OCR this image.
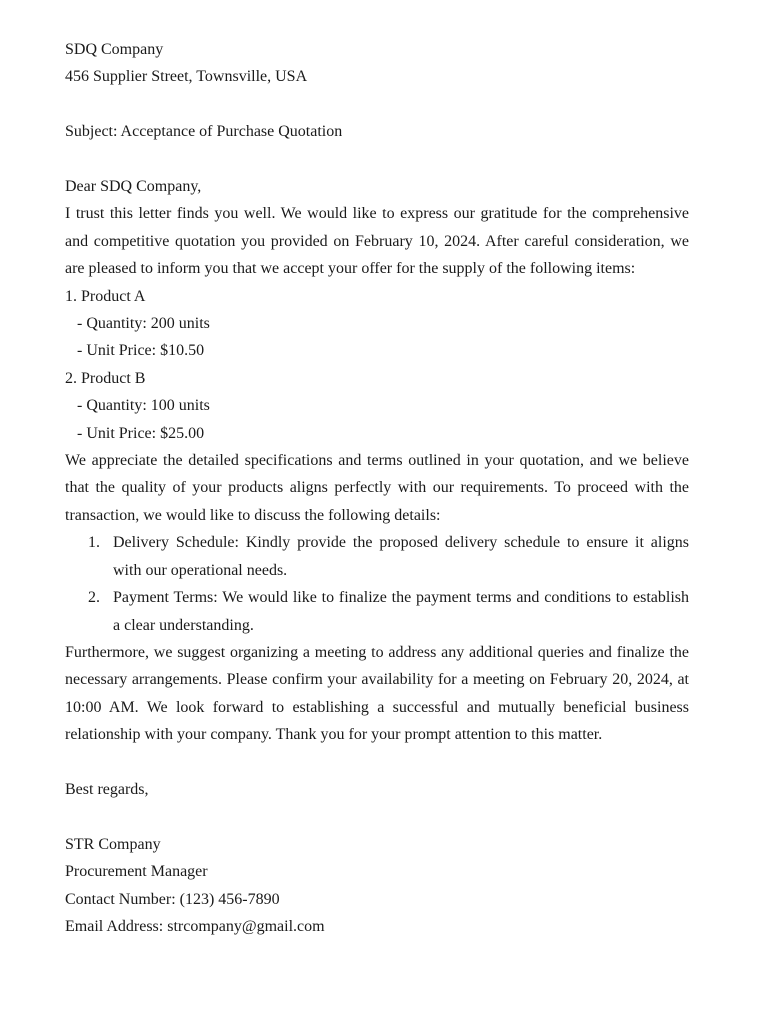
SDQ Company

456 Supplier Street, Townsville, USA

Subject: Acceptance of Purchase Quotation

Dear SDQ Company,

I trust this letter finds you well. We would like to express our gratitude for the comprehensive and competitive quotation you provided on February 10, 2024. After careful consideration, we are pleased to inform you that we accept your offer for the supply of the following items:

1. Product A

- Quantity: 200 units

- Unit Price: $10.50

2. Product B

- Quantity: 100 units

- Unit Price: $25.00

We appreciate the detailed specifications and terms outlined in your quotation, and we believe that the quality of your products aligns perfectly with our requirements. To proceed with the transaction, we would like to discuss the following details:

1. Delivery Schedule: Kindly provide the proposed delivery schedule to ensure it aligns with our operational needs.
2. Payment Terms: We would like to finalize the payment terms and conditions to establish a clear understanding.

Furthermore, we suggest organizing a meeting to address any additional queries and finalize the necessary arrangements. Please confirm your availability for a meeting on February 20, 2024, at 10:00 AM. We look forward to establishing a successful and mutually beneficial business relationship with your company. Thank you for your prompt attention to this matter.

Best regards,

STR Company

Procurement Manager

Contact Number: (123) 456-7890

Email Address: strcompany@gmail.com
